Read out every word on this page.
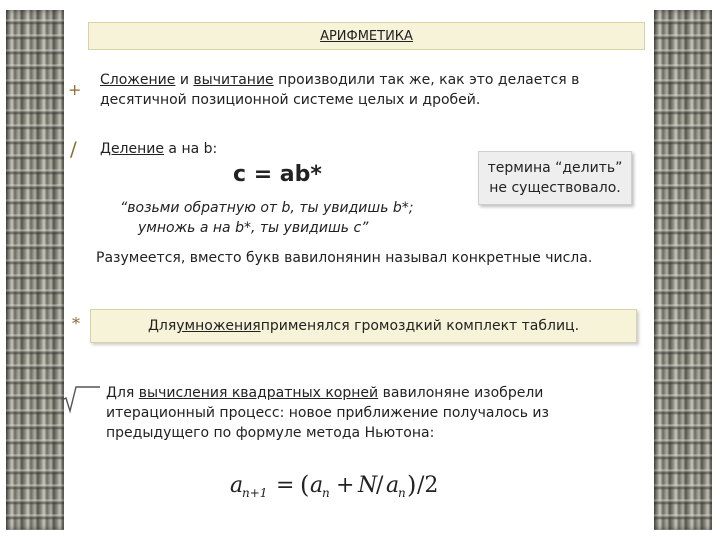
АРИФМЕТИКА
+ Сложение и вычитание производили так же, как это делается в
десятичной позиционной системе целых и дробей.
/ Деление a на b:
c = ab*
“возьми обратную от b, ты увидишь b*;
умножь a на b*, ты увидишь c”
термина “делить”
не существовало.
Разумеется, вместо букв вавилонянин называл конкретные числа.
*	Для умножения применялся громоздкий комплект таблиц.
Для вычисления квадратных корней вавилоняне изобрели
итерационный процесс: новое приближение получалось из
предыдущего по формуле метода Ньютона:
a
n+1 = ( a
n + N
/ a
n ) /2
